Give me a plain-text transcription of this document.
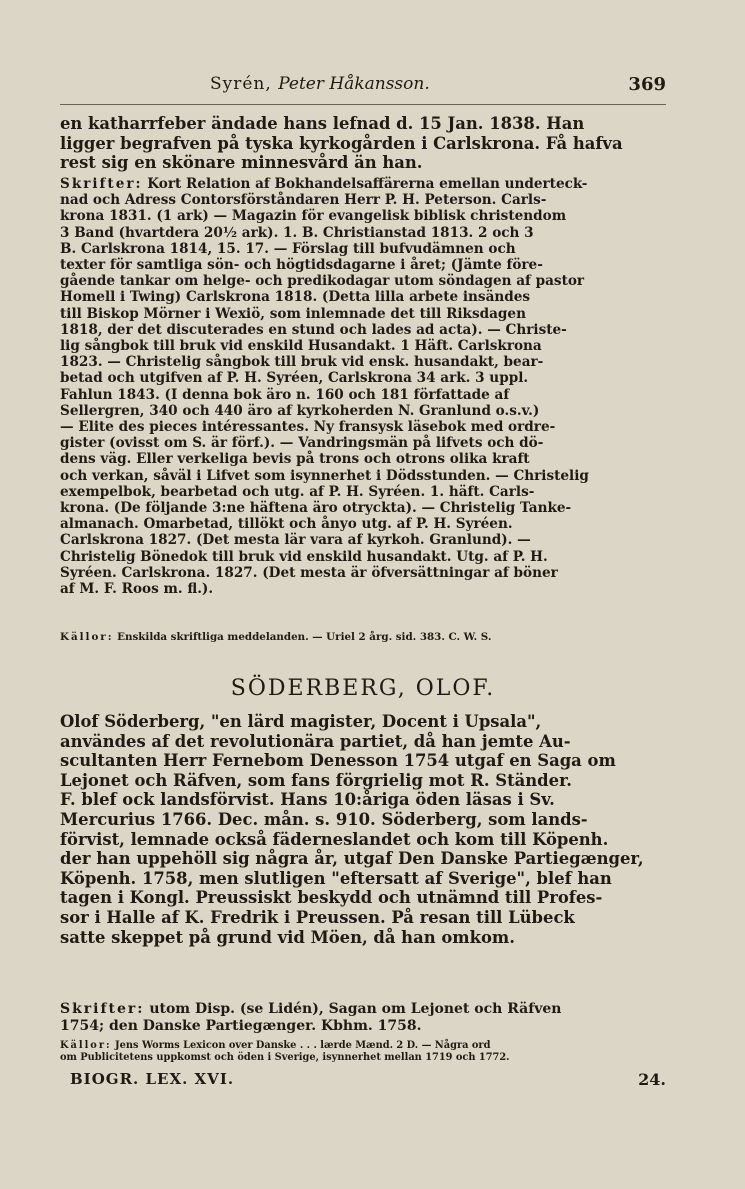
Syrén, Peter Håkansson.	369
en katharrfeber ändade hans lefnad d. 15 Jan. 1838. Han
ligger begrafven på tyska kyrkogården i Carlskrona. Få hafva
rest sig en skönare minnesvård än han.
Skrifter: Kort Relation af Bokhandelsaffärerna emellan underteck-
nad och Adress Contorsförståndaren Herr P. H. Peterson. Carls-
krona 1831. (1 ark) — Magazin för evangelisk biblisk christendom
3 Band (hvartdera 20½ ark). 1. B. Christianstad 1813. 2 och 3
B. Carlskrona 1814, 15. 17. — Förslag till bufvudämnen och
texter för samtliga sön- och högtidsdagarne i året; (Jämte före-
gående tankar om helge- och predikodagar utom söndagen af pastor
Homell i Twing) Carlskrona 1818. (Detta lilla arbete insändes
till Biskop Mörner i Wexiö, som inlemnade det till Riksdagen
1818, der det discuterades en stund och lades ad acta). — Christe-
lig sångbok till bruk vid enskild Husandakt. 1 Häft. Carlskrona
1823. — Christelig sångbok till bruk vid ensk. husandakt, bear-
betad och utgifven af P. H. Syréen, Carlskrona 34 ark. 3 uppl.
Fahlun 1843. (I denna bok äro n. 160 och 181 författade af
Sellergren, 340 och 440 äro af kyrkoherden N. Granlund o.s.v.)
— Elite des pieces intéressantes. Ny fransysk läsebok med ordre-
gister (ovisst om S. är förf.). — Vandringsmän på lifvets och dö-
dens väg. Eller verkeliga bevis på trons och otrons olika kraft
och verkan, såväl i Lifvet som isynnerhet i Dödsstunden. — Christelig
exempelbok, bearbetad och utg. af P. H. Syréen. 1. häft. Carls-
krona. (De följande 3:ne häftena äro otryckta). — Christelig Tanke-
almanach. Omarbetad, tillökt och ånyo utg. af P. H. Syréen.
Carlskrona 1827. (Det mesta lär vara af kyrkoh. Granlund). —
Christelig Bönedok till bruk vid enskild husandakt. Utg. af P. H.
Syréen. Carlskrona. 1827. (Det mesta är öfversättningar af böner
af M. F. Roos m. fl.).
Källor: Enskilda skriftliga meddelanden. — Uriel 2 årg. sid. 383. C. W. S.
SÖDERBERG, OLOF.
Olof Söderberg, "en lärd magister, Docent i Upsala",
användes af det revolutionära partiet, då han jemte Au-
scultanten Herr Fernebom Denesson 1754 utgaf en Saga om
Lejonet och Räfven, som fans förgrielig mot R. Ständer.
F. blef ock landsförvist. Hans 10:åriga öden läsas i Sv.
Mercurius 1766. Dec. mån. s. 910. Söderberg, som lands-
förvist, lemnade också fäderneslandet och kom till Köpenh.
der han uppehöll sig några år, utgaf Den Danske Partiegænger,
Köpenh. 1758, men slutligen "eftersatt af Sverige", blef han
tagen i Kongl. Preussiskt beskydd och utnämnd till Profes-
sor i Halle af K. Fredrik i Preussen. På resan till Lübeck
satte skeppet på grund vid Möen, då han omkom.
Skrifter: utom Disp. (se Lidén), Sagan om Lejonet och Räfven
1754; den Danske Partiegænger. Kbhm. 1758.
Källor: Jens Worms Lexicon over Danske . . . lærde Mænd. 2 D. — Några ord
om Publicitetens uppkomst och öden i Sverige, isynnerhet mellan 1719 och 1772.
BIOGR. LEX. XVI.	24.
